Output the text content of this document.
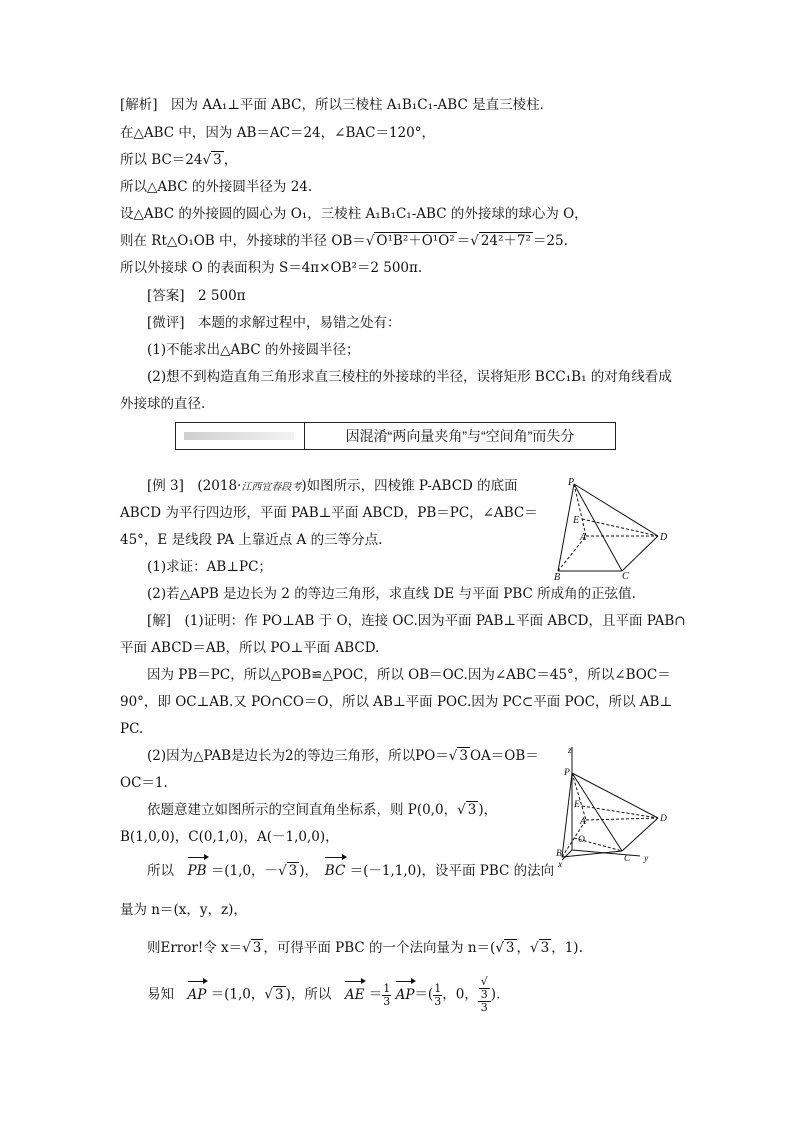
[解析]　因为 AA₁⊥平面 ABC，所以三棱柱 A₁B₁C₁-ABC 是直三棱柱．
在△ABC 中，因为 AB＝AC＝24，∠BAC＝120°，
所以 BC＝24√ 3 ，
所以△ABC 的外接圆半径为 24.
设△ABC 的外接圆的圆心为 O₁，三棱柱 A₁B₁C₁-ABC 的外接球的球心为 O，
则在 Rt△O₁OB 中，外接球的半径 OB＝√ O¹B²＋O¹O² ＝√ 24²＋7² ＝25.
所以外接球 O 的表面积为 S＝4π×OB²＝2 500π.
[答案]　2 500π
[微评]　本题的求解过程中，易错之处有：
(1)不能求出△ABC 的外接圆半径；
(2)想不到构造直角三角形求直三棱柱的外接球的半径，误将矩形 BCC₁B₁ 的对角线看成
外接球的直径.
因混淆“两向量夹角”与“空间角”而失分
[例 3]　(2018·江西宜春段考)如图所示，四棱锥 P-ABCD 的底面
ABCD 为平行四边形，平面 PAB⊥平面 ABCD，PB＝PC，∠ABC＝
45°，E 是线段 PA 上靠近点 A 的三等分点.
(1)求证：AB⊥PC；
(2)若△APB 是边长为 2 的等边三角形，求直线 DE 与平面 PBC 所成角的正弦值.
P
E
A	D
B	C
[解]　(1)证明：作 PO⊥AB 于 O，连接 OC.因为平面 PAB⊥平面 ABCD，且平面 PAB∩
平面 ABCD＝AB，所以 PO⊥平面 ABCD.
因为 PB＝PC，所以△POB≌△POC，所以 OB＝OC.因为∠ABC＝45°，所以∠BOC＝
90°，即 OC⊥AB.又 PO∩CO＝O，所以 AB⊥平面 POC.因为 PC⊂平面 POC，所以 AB⊥
PC.
(2)因为△PAB是边长为2的等边三角形，所以PO＝√ 3 OA＝OB＝
OC＝1.
依题意建立如图所示的空间直角坐标系，则 P(0,0，√ 3 )，
B(1,0,0)，C(0,1,0)，A(－1,0,0)，
所以　 PB ＝(1,0，－√ 3 )，　 BC ＝(－1,1,0)，设平面 PBC 的法向
量为 n＝(x，y，z)，
则Error!令 x＝√ 3 ，可得平面 PBC 的一个法向量为 n＝(√ 3 ，√ 3 ，1).
易知　 AP ＝(1,0，√ 3 )，所以　 AE ＝ $\frac{1}{3} AP=( \frac{1}{3}$ ，0， √
3
3 ).
z
P
E
A
O
D
B	C
x
y
